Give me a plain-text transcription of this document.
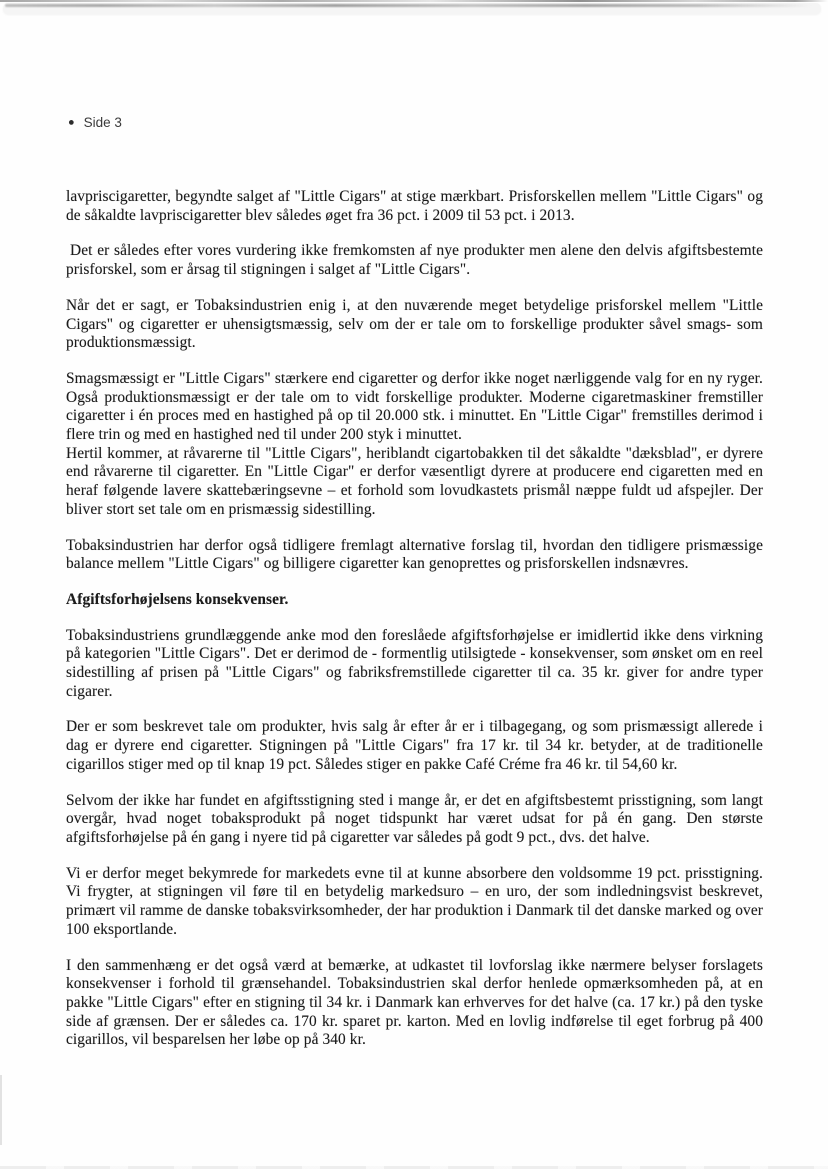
● Side 3

lavpriscigaretter, begyndte salget af "Little Cigars" at stige mærkbart. Prisforskellen mellem "Little Cigars" og de såkaldte lavpriscigaretter blev således øget fra 36 pct. i 2009 til 53 pct. i 2013.

Det er således efter vores vurdering ikke fremkomsten af nye produkter men alene den delvis afgiftsbestemte prisforskel, som er årsag til stigningen i salget af "Little Cigars".

Når det er sagt, er Tobaksindustrien enig i, at den nuværende meget betydelige prisforskel mellem "Little Cigars" og cigaretter er uhensigtsmæssig, selv om der er tale om to forskellige produkter såvel smags- som produktionsmæssigt.

Smagsmæssigt er "Little Cigars" stærkere end cigaretter og derfor ikke noget nærliggende valg for en ny ryger. Også produktionsmæssigt er der tale om to vidt forskellige produkter. Moderne cigaretmaskiner fremstiller cigaretter i én proces med en hastighed på op til 20.000 stk. i minuttet. En "Little Cigar" fremstilles derimod i flere trin og med en hastighed ned til under 200 styk i minuttet.

Hertil kommer, at råvarerne til "Little Cigars", heriblandt cigartobakken til det såkaldte "dæksblad", er dyrere end råvarerne til cigaretter. En "Little Cigar" er derfor væsentligt dyrere at producere end cigaretten med en heraf følgende lavere skattebæringsevne – et forhold som lovudkastets prismål næppe fuldt ud afspejler. Der bliver stort set tale om en prismæssig sidestilling.

Tobaksindustrien har derfor også tidligere fremlagt alternative forslag til, hvordan den tidligere prismæssige balance mellem "Little Cigars" og billigere cigaretter kan genoprettes og prisforskellen indsnævres.

Afgiftsforhøjelsens konsekvenser.

Tobaksindustriens grundlæggende anke mod den foreslåede afgiftsforhøjelse er imidlertid ikke dens virkning på kategorien "Little Cigars". Det er derimod de - formentlig utilsigtede - konsekvenser, som ønsket om en reel sidestilling af prisen på "Little Cigars" og fabriksfremstillede cigaretter til ca. 35 kr. giver for andre typer cigarer.

Der er som beskrevet tale om produkter, hvis salg år efter år er i tilbagegang, og som prismæssigt allerede i dag er dyrere end cigaretter. Stigningen på "Little Cigars" fra 17 kr. til 34 kr. betyder, at de traditionelle cigarillos stiger med op til knap 19 pct. Således stiger en pakke Café Créme fra 46 kr. til 54,60 kr.

Selvom der ikke har fundet en afgiftsstigning sted i mange år, er det en afgiftsbestemt prisstigning, som langt overgår, hvad noget tobaksprodukt på noget tidspunkt har været udsat for på én gang. Den største afgiftsforhøjelse på én gang i nyere tid på cigaretter var således på godt 9 pct., dvs. det halve.

Vi er derfor meget bekymrede for markedets evne til at kunne absorbere den voldsomme 19 pct. prisstigning. Vi frygter, at stigningen vil føre til en betydelig markedsuro – en uro, der som indledningsvist beskrevet, primært vil ramme de danske tobaksvirksomheder, der har produktion i Danmark til det danske marked og over 100 eksportlande.

I den sammenhæng er det også værd at bemærke, at udkastet til lovforslag ikke nærmere belyser forslagets konsekvenser i forhold til grænsehandel. Tobaksindustrien skal derfor henlede opmærksomheden på, at en pakke "Little Cigars" efter en stigning til 34 kr. i Danmark kan erhverves for det halve (ca. 17 kr.) på den tyske side af grænsen. Der er således ca. 170 kr. sparet pr. karton. Med en lovlig indførelse til eget forbrug på 400 cigarillos, vil besparelsen her løbe op på 340 kr.
